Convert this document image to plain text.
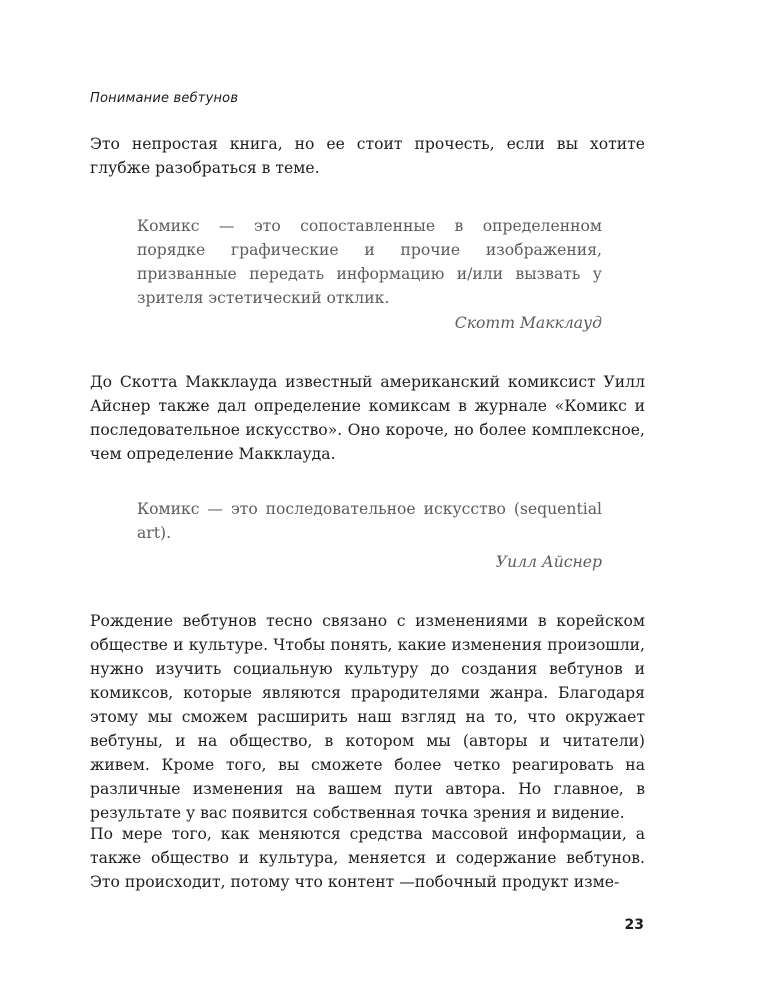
Понимание вебтунов

Это непростая книга, но ее стоит прочесть, если вы хотите глубже разобраться в теме.

Комикс — это сопоставленные в определенном порядке графические и прочие изображения, призванные передать информацию и/или вызвать у зрителя эстетический отклик.

Скотт Макклауд

До Скотта Макклауда известный американский комиксист Уилл Айснер также дал определение комиксам в журнале «Комикс и последовательное искусство». Оно короче, но более комплексное, чем определение Макклауда.

Комикс — это последовательное искусство (sequential art).

Уилл Айснер

Рождение вебтунов тесно связано с изменениями в корейском обществе и культуре. Чтобы понять, какие изменения произошли, нужно изучить социальную культуру до создания вебтунов и комиксов, которые являются прародителями жанра. Благодаря этому мы сможем расширить наш взгляд на то, что окружает вебтуны, и на общество, в котором мы (авторы и читатели) живем. Кроме того, вы сможете более четко реагировать на различные изменения на вашем пути автора. Но главное, в результате у вас появится собственная точка зрения и видение.

По мере того, как меняются средства массовой информации, а также общество и культура, меняется и содержание вебтунов. Это происходит, потому что контент —побочный продукт изме-

23
